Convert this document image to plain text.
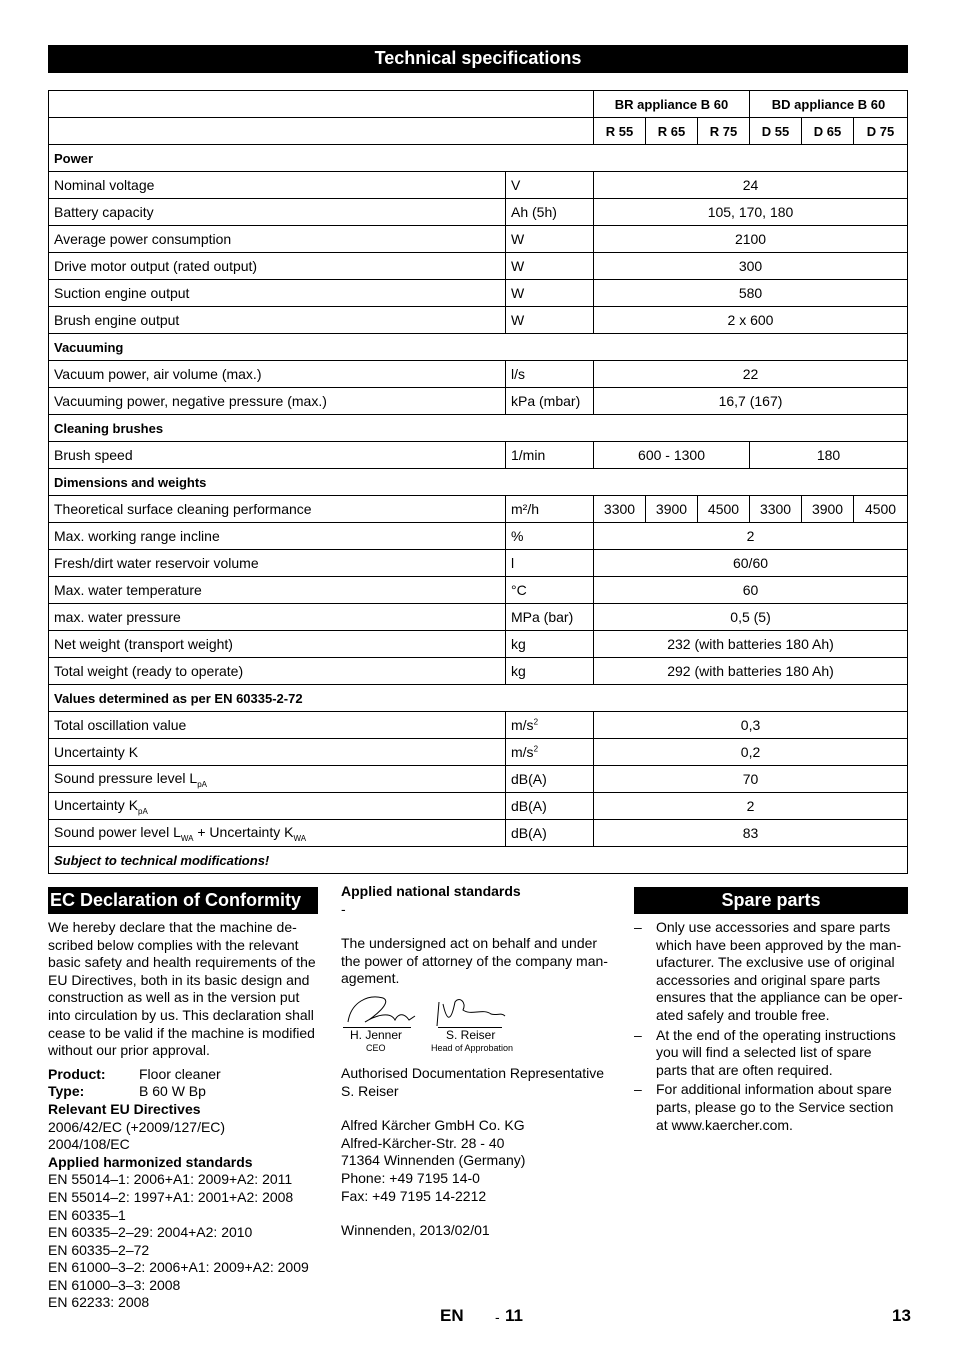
Technical specifications
		BR appliance B 60			BD appliance B 60		
		R 55	R 65	R 75	D 55	D 65	D 75
Power							
Nominal voltage	V	24					
Battery capacity	Ah (5h)	105, 170, 180					
Average power consumption	W	2100					
Drive motor output (rated output)	W	300					
Suction engine output	W	580					
Brush engine output	W	2 x 600					
Vacuuming							
Vacuum power, air volume (max.)	l/s	22					
Vacuuming power, negative pressure (max.)	kPa (mbar)	16,7 (167)					
Cleaning brushes							
Brush speed	1/min	600 - 1300			180		
Dimensions and weights							
Theoretical surface cleaning performance	m²/h	3300	3900	4500	3300	3900	4500
Max. working range incline	%	2					
Fresh/dirt water reservoir volume	l	60/60					
Max. water temperature	°C	60					
max. water pressure	MPa (bar)	0,5 (5)					
Net weight (transport weight)	kg	232 (with batteries 180 Ah)					
Total weight (ready to operate)	kg	292 (with batteries 180 Ah)					
Values determined as per EN 60335-2-72							
Total oscillation value	$m/s^2$	0,3					
Uncertainty K	$m/s^2$	0,2					
Sound pressure level $L_{pA}$	dB(A)	70					
Uncertainty $K_{pA}$	dB(A)	2					
Sound power level $L_{WA}$ + Uncertainty $K_{WA}$	dB(A)	83					
Subject to technical modifications!							
EC Declaration of Conformity
We hereby declare that the machine de-
scribed below complies with the relevant
basic safety and health requirements of the
EU Directives, both in its basic design and
construction as well as in the version put
into circulation by us. This declaration shall
cease to be valid if the machine is modified
without our prior approval.
Product:	Floor cleaner
Type:	B 60 W Bp
Relevant EU Directives
2006/42/EC (+2009/127/EC)
2004/108/EC
Applied harmonized standards
EN 55014–1: 2006+A1: 2009+A2: 2011
EN 55014–2: 1997+A1: 2001+A2: 2008
EN 60335–1
EN 60335–2–29: 2004+A2: 2010
EN 60335–2–72
EN 61000–3–2: 2006+A1: 2009+A2: 2009
EN 61000–3–3: 2008
EN 62233: 2008
Applied national standards
-
The undersigned act on behalf and under
the power of attorney of the company man-
agement.
H. Jenner
CEO
S. Reiser
Head of Approbation
Authorised Documentation Representative
S. Reiser
Alfred Kärcher GmbH Co. KG
Alfred-Kärcher-Str. 28 - 40
71364 Winnenden (Germany)
Phone: +49 7195 14-0
Fax: +49 7195 14-2212
Winnenden, 2013/02/01
Spare parts
– Only use accessories and spare parts
which have been approved by the man-
ufacturer. The exclusive use of original
accessories and original spare parts
ensures that the appliance can be oper-
ated safely and trouble free.
– At the end of the operating instructions
you will find a selected list of spare
parts that are often required.
– For additional information about spare
parts, please go to the Service section
at www.kaercher.com.
EN - 11	13
